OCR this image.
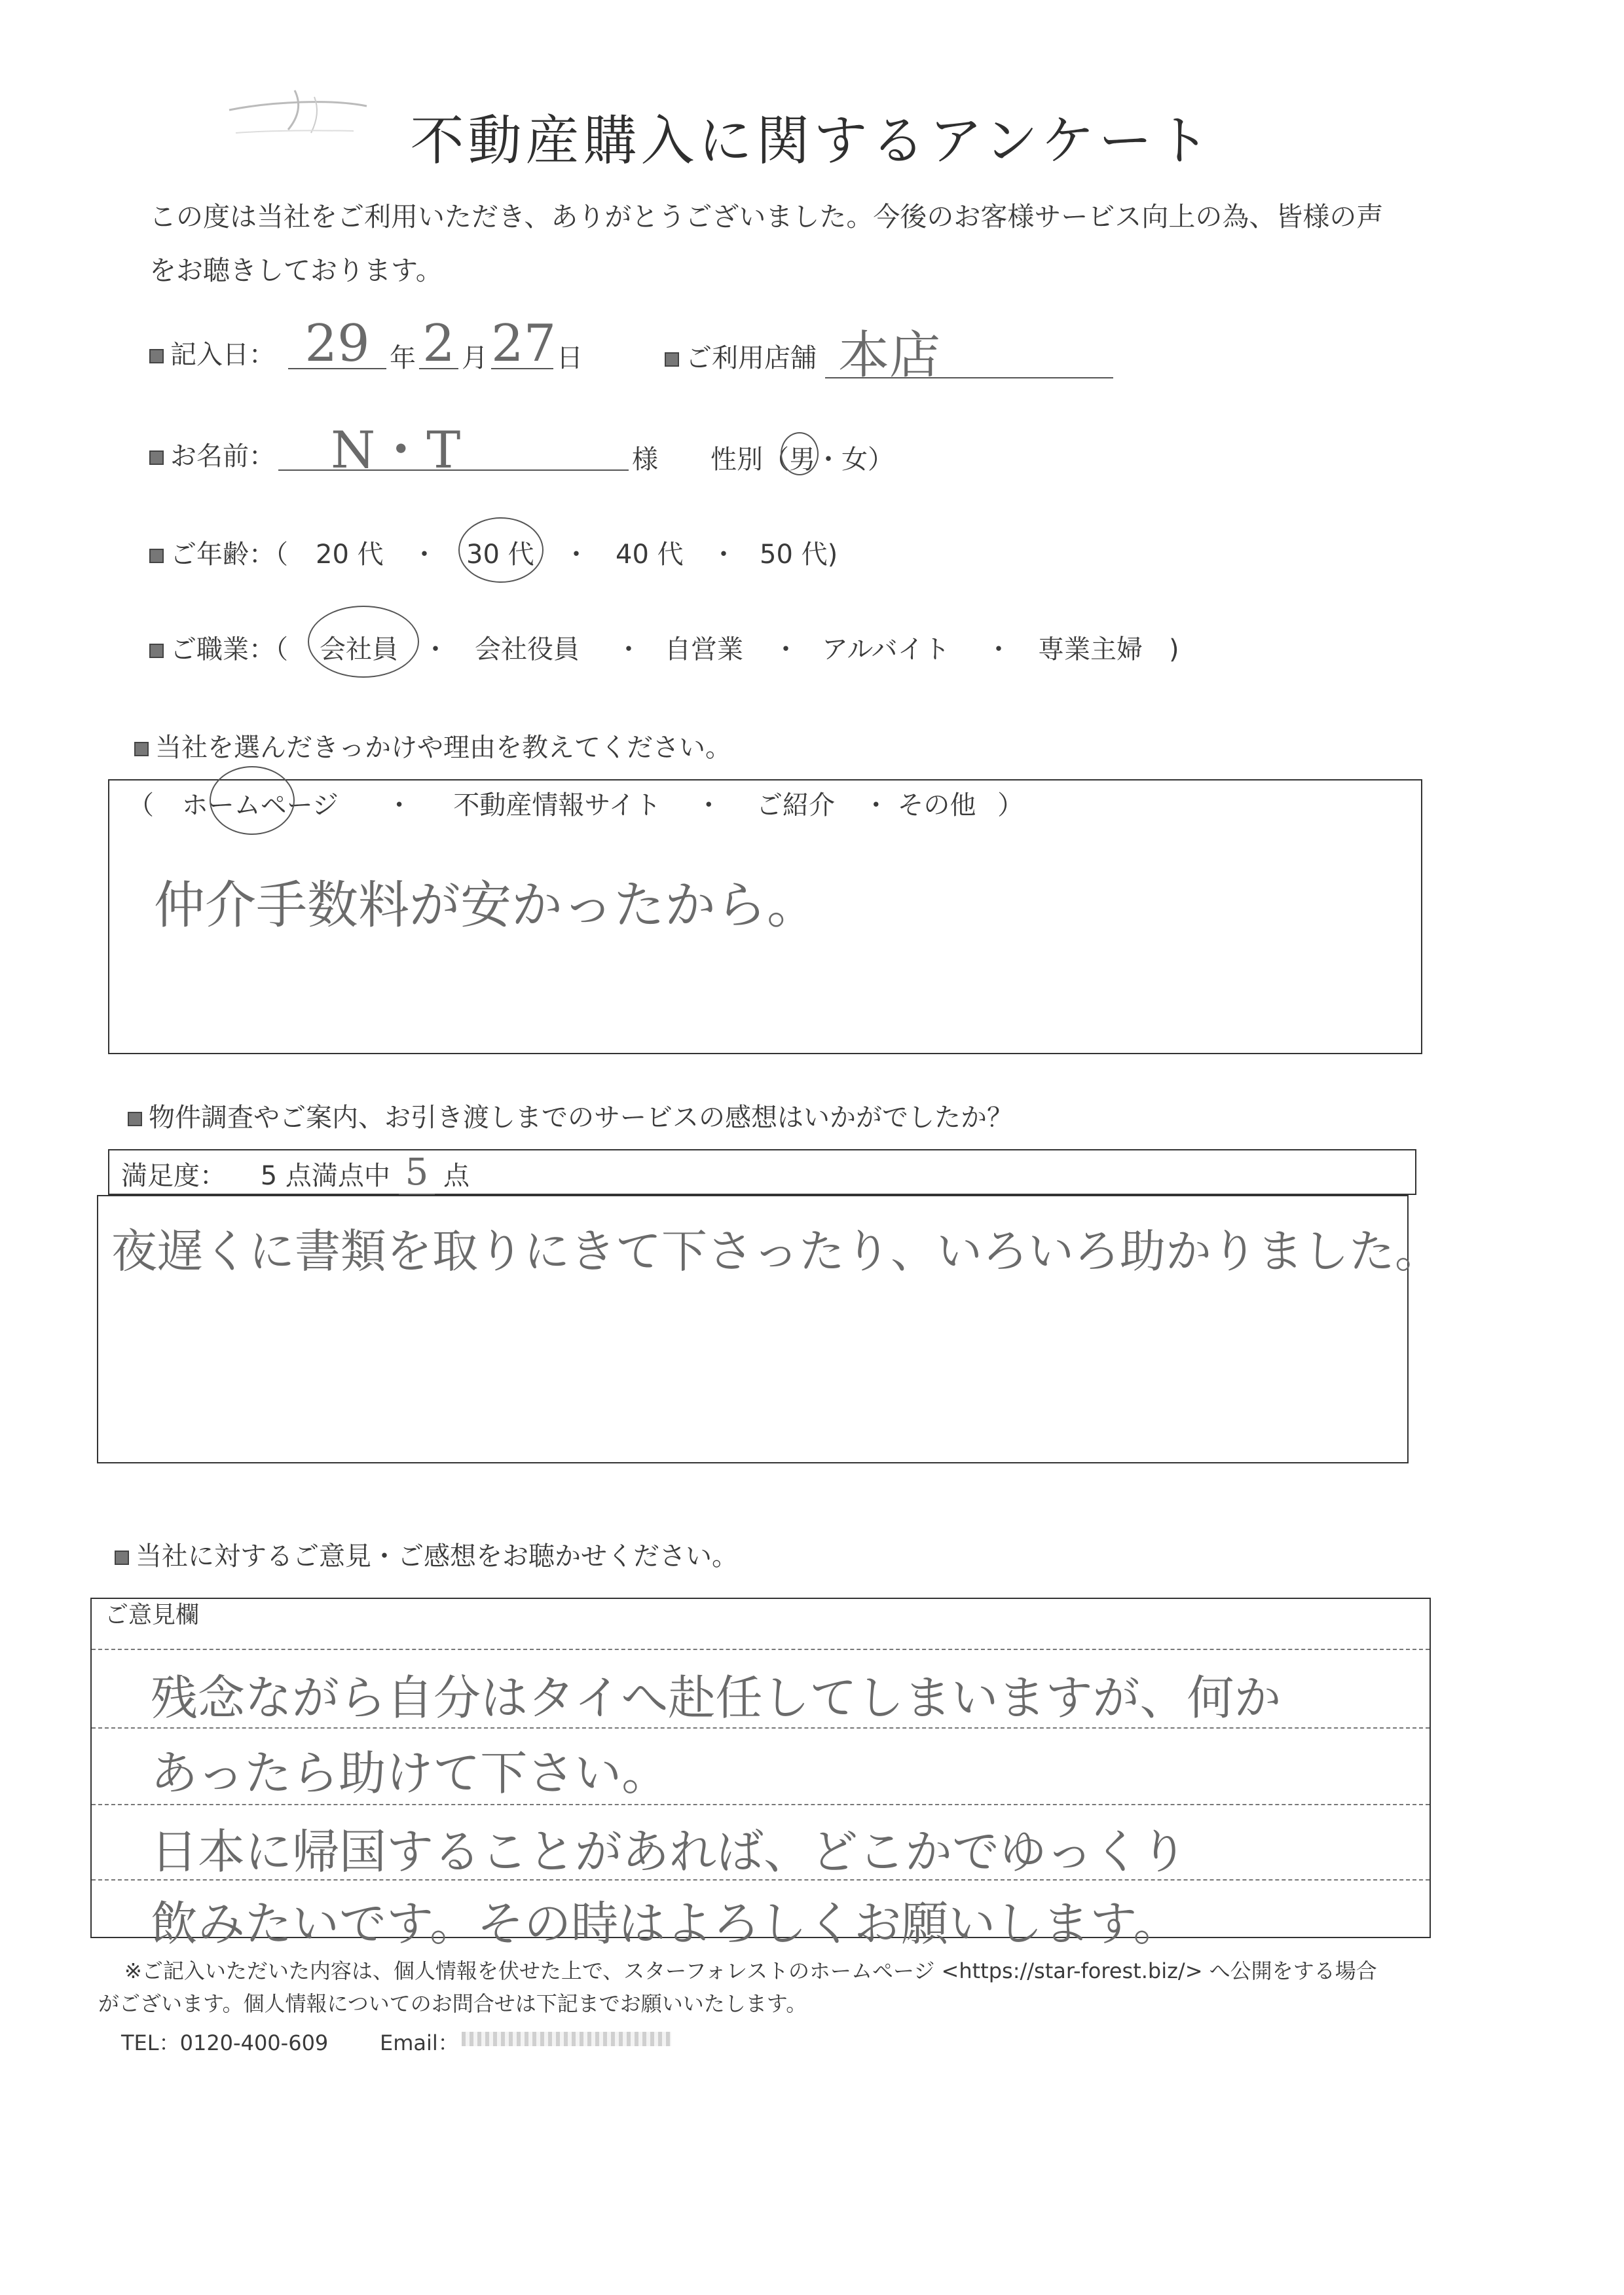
不動産購入に関するアンケート
この度は当社をご利用いただき、ありがとうございました。今後のお客様サービス向上の為、皆様の声
をお聴きしております。
記入日： 29 年 2 月 27 日	ご利用店舗 本店
お名前：	N・T	様 性別（男・女）
ご年齢：（ 20 代 ・ 30 代 ・ 40 代 ・ 50 代)
ご職業：（ 会社員 ・ 会社役員 ・ 自営業 ・ アルバイト ・ 専業主婦　)
当社を選んだきっかけや理由を教えてください。
（ ホームページ ・ 不動産情報サイト ・ ご紹介 ・ その他 ）
仲介手数料が安かったから。
物件調査やご案内、お引き渡しまでのサービスの感想はいかがでしたか？
満足度： 5 点満点中 5 点
夜遅くに書類を取りにきて下さったり、いろいろ助かりました。
当社に対するご意見・ご感想をお聴かせください。
ご意見欄
残念ながら自分はタイへ赴任してしまいますが、何か
あったら助けて下さい。
日本に帰国することがあれば、どこかでゆっくり
飲みたいです。その時はよろしくお願いします。
※ご記入いただいた内容は、個人情報を伏せた上で、スターフォレストのホームページ <https://star-forest.biz/> へ公開をする場合
がございます。個人情報についてのお問合せは下記までお願いいたします。
TEL：0120-400-609 Email：
